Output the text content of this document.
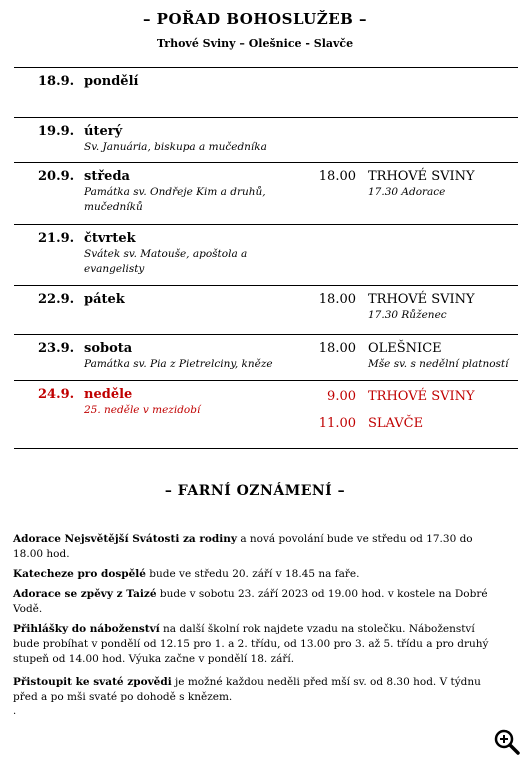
– POŘAD BOHOSLUŽEB –
Trhové Sviny – Olešnice - Slavče
18.9. pondělí
19.9. úterý
Sv. Januária, biskupa a mučedníka
20.9. středa
Památka sv. Ondřeje Kim a druhů, mučedníků
18.00 TRHOVÉ SVINY
17.30 Adorace
21.9. čtvrtek
Svátek sv. Matouše, apoštola a evangelisty
22.9. pátek	18.00 TRHOVÉ SVINY
17.30 Růženec
23.9. sobota
Památka sv. Pia z Pietrelciny, kněze
18.00 OLEŠNICE
Mše sv. s nedělní platností
24.9. neděle
25. neděle v mezidobí
9.00 TRHOVÉ SVINY
11.00 SLAVČE
– FARNÍ OZNÁMENÍ –
Adorace Nejsvětější Svátosti za rodiny a nová povolání bude ve středu od 17.30 do 18.00 hod.
Katecheze pro dospělé bude ve středu 20. září v 18.45 na faře.
Adorace se zpěvy z Taizé bude v sobotu 23. září 2023 od 19.00 hod. v kostele na Dobré Vodě.
Přihlášky do náboženství na další školní rok najdete vzadu na stolečku. Náboženství bude probíhat v pondělí od 12.15 pro 1. a 2. třídu, od 13.00 pro 3. až 5. třídu a pro druhý stupeň od 14.00 hod. Výuka začne v pondělí 18. září.
Přistoupit ke svaté zpovědi je možné každou neděli před mší sv. od 8.30 hod. V týdnu před a po mši svaté po dohodě s knězem.
.
